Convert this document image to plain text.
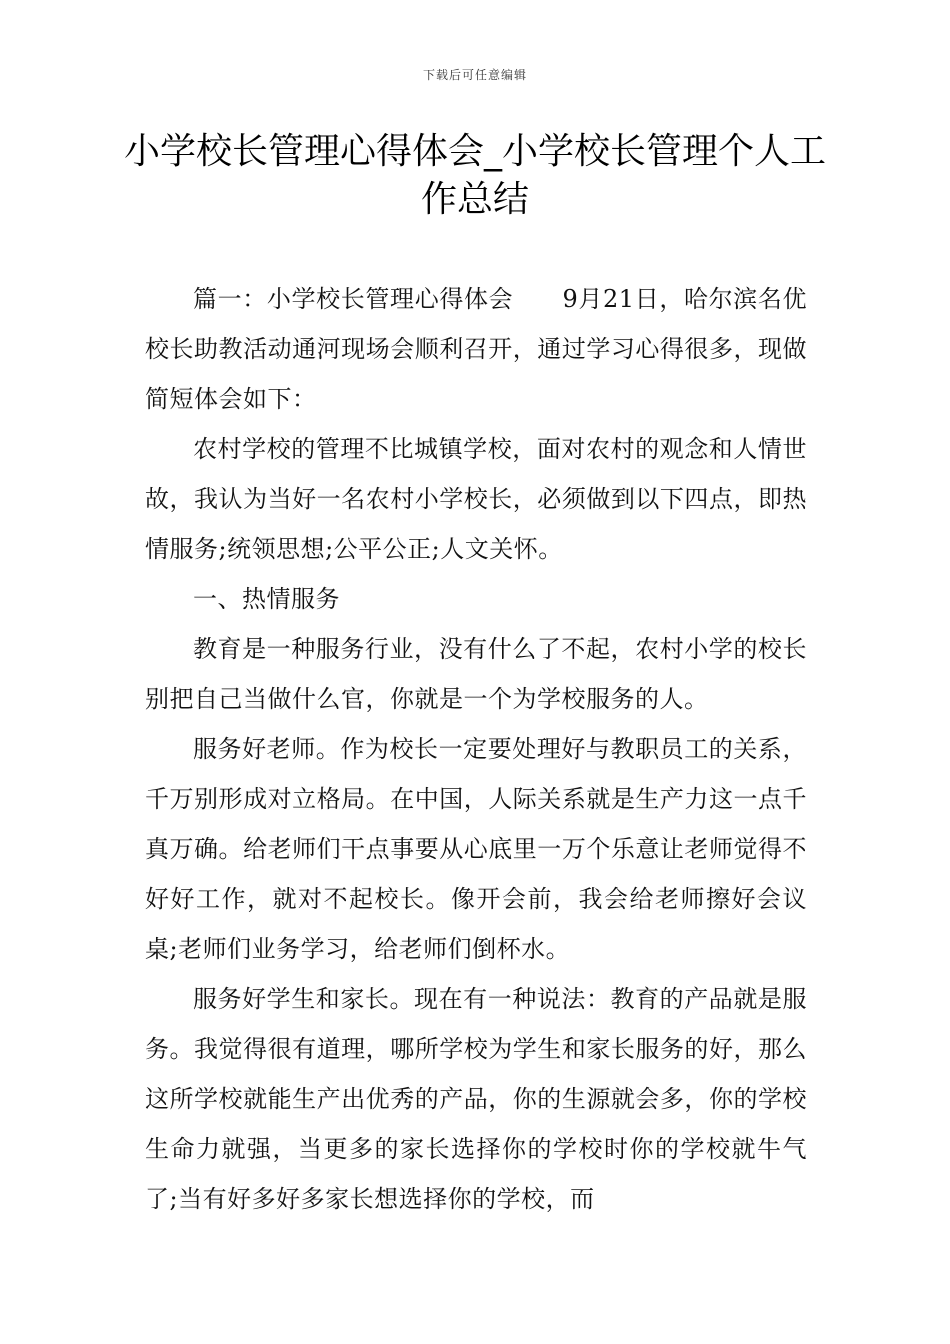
下载后可任意编辑
小学校长管理心得体会_小学校长管理个人工作总结

篇一：小学校长管理心得体会　　9月21日，哈尔滨名优校长助教活动通河现场会顺利召开，通过学习心得很多，现做简短体会如下：

农村学校的管理不比城镇学校，面对农村的观念和人情世故，我认为当好一名农村小学校长，必须做到以下四点，即热情服务;统领思想;公平公正;人文关怀。

一、热情服务

教育是一种服务行业，没有什么了不起，农村小学的校长别把自己当做什么官，你就是一个为学校服务的人。

服务好老师。作为校长一定要处理好与教职员工的关系，千万别形成对立格局。在中国，人际关系就是生产力这一点千真万确。给老师们干点事要从心底里一万个乐意让老师觉得不好好工作，就对不起校长。像开会前，我会给老师擦好会议桌;老师们业务学习，给老师们倒杯水。

服务好学生和家长。现在有一种说法：教育的产品就是服务。我觉得很有道理，哪所学校为学生和家长服务的好，那么这所学校就能生产出优秀的产品，你的生源就会多，你的学校生命力就强，当更多的家长选择你的学校时你的学校就牛气了;当有好多好多家长想选择你的学校，而
